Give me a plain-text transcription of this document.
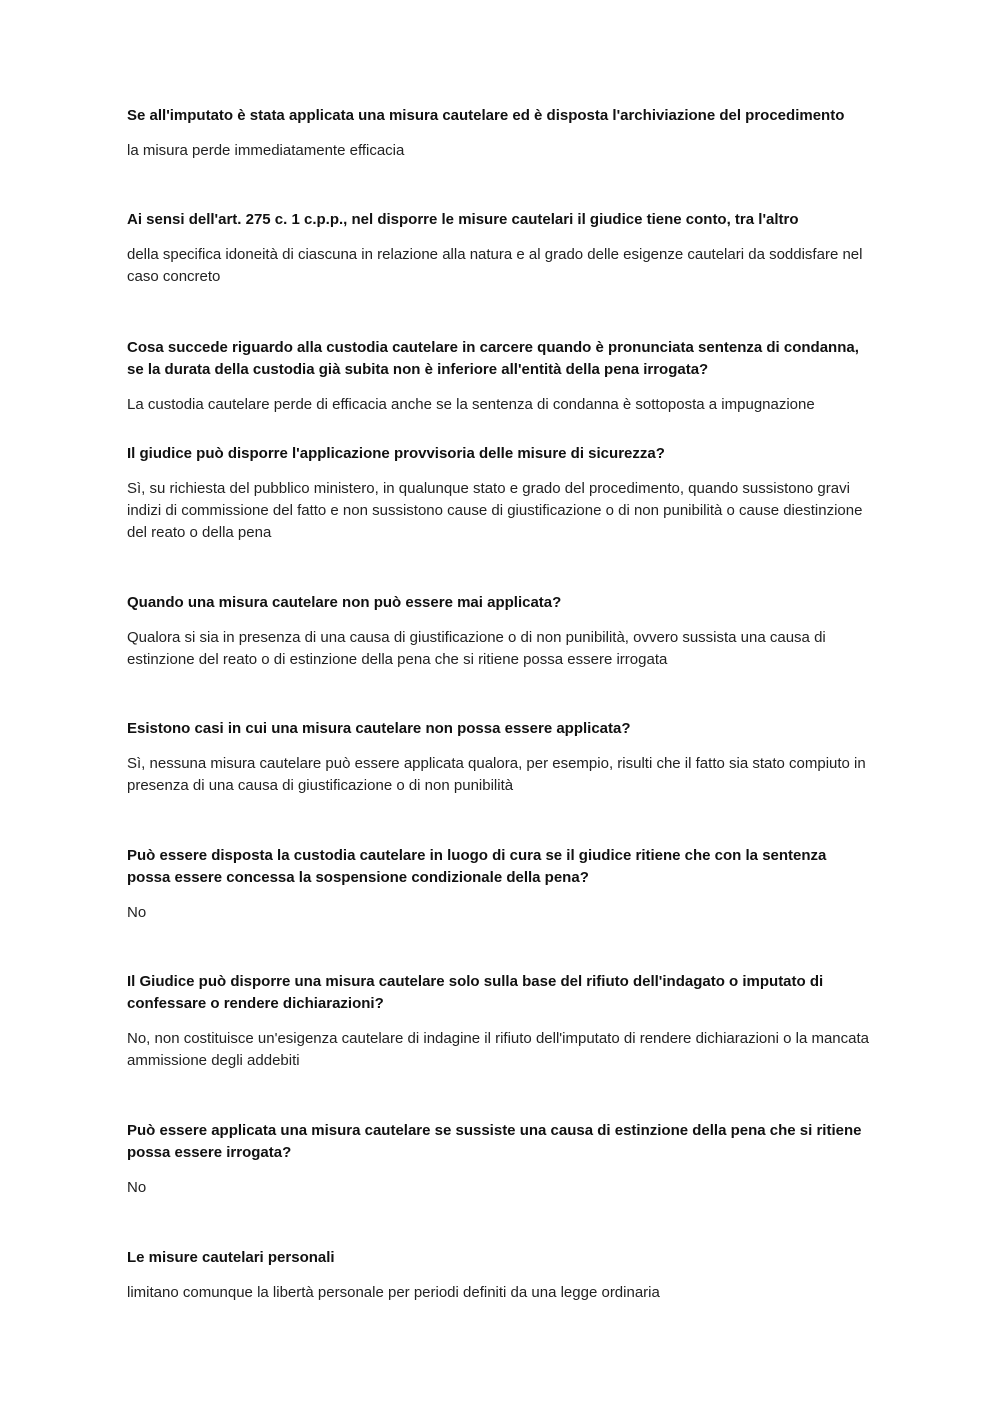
Se all'imputato è stata applicata una misura cautelare ed è disposta l'archiviazione del procedimento

la misura perde immediatamente efficacia

Ai sensi dell'art. 275 c. 1 c.p.p., nel disporre le misure cautelari il giudice tiene conto, tra l'altro

della specifica idoneità di ciascuna in relazione alla natura e al grado delle esigenze cautelari da soddisfare nel caso concreto

Cosa succede riguardo alla custodia cautelare in carcere quando è pronunciata sentenza di condanna, se la durata della custodia già subita non è inferiore all'entità della pena irrogata?

La custodia cautelare perde di efficacia anche se la sentenza di condanna è sottoposta a impugnazione

Il giudice può disporre l'applicazione provvisoria delle misure di sicurezza?

Sì, su richiesta del pubblico ministero, in qualunque stato e grado del procedimento, quando sussistono gravi indizi di commissione del fatto e non sussistono cause di giustificazione o di non punibilità o cause diestinzione del reato o della pena

Quando una misura cautelare non può essere mai applicata?

Qualora si sia in presenza di una causa di giustificazione o di non punibilità, ovvero sussista una causa di estinzione del reato o di estinzione della pena che si ritiene possa essere irrogata

Esistono casi in cui una misura cautelare non possa essere applicata?

Sì, nessuna misura cautelare può essere applicata qualora, per esempio, risulti che il fatto sia stato compiuto in presenza di una causa di giustificazione o di non punibilità

Può essere disposta la custodia cautelare in luogo di cura se il giudice ritiene che con la sentenza possa essere concessa la sospensione condizionale della pena?

No

Il Giudice può disporre una misura cautelare solo sulla base del rifiuto dell'indagato o imputato di confessare o rendere dichiarazioni?

No, non costituisce un'esigenza cautelare di indagine il rifiuto dell'imputato di rendere dichiarazioni o la mancata ammissione degli addebiti

Può essere applicata una misura cautelare se sussiste una causa di estinzione della pena che si ritiene possa essere irrogata?

No

Le misure cautelari personali

limitano comunque la libertà personale per periodi definiti da una legge ordinaria
